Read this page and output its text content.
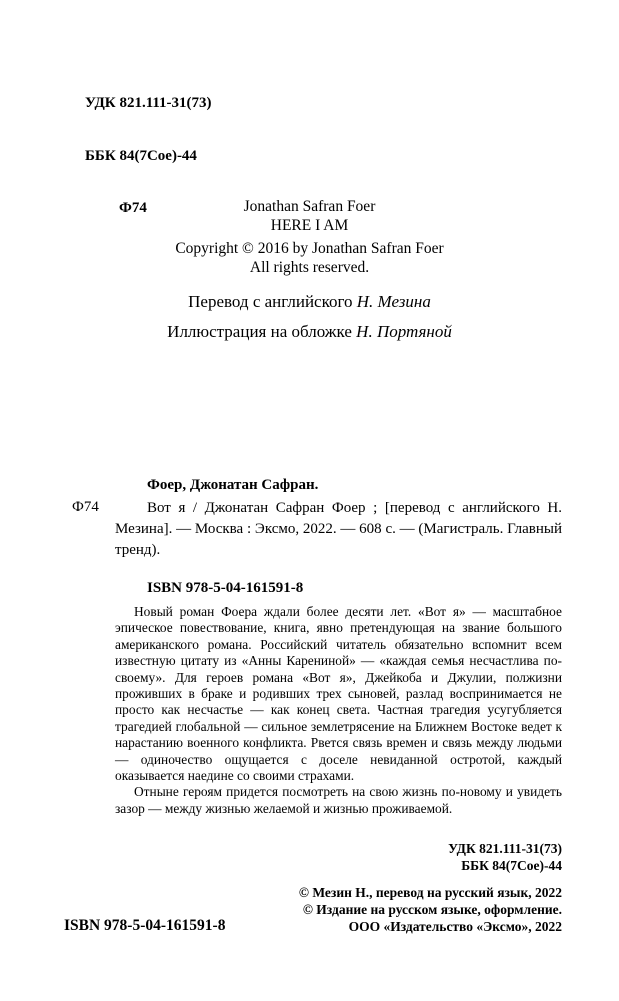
УДК 821.111-31(73)

ББК 84(7Сое)-44

Ф74

	Jonathan Safran Foer
HERE I AM
Copyright © 2016 by Jonathan Safran Foer
All rights reserved.
Перевод с английского Н. Мезина
Иллюстрация на обложке Н. Портяной
Фоер, Джонатан Сафран.
Ф74	Вот я / Джонатан Сафран Фоер ; [перевод с английского Н. Мезина]. — Москва : Эксмо, 2022. — 608 с. — (Магистраль. Главный тренд).
ISBN 978-5-04-161591-8

Новый роман Фоера ждали более десяти лет. «Вот я» — масштабное эпическое повествование, книга, явно претендующая на звание большого американского романа. Российский читатель обязательно вспомнит всем известную цитату из «Анны Карениной» — «каждая семья несчастлива по-своему». Для героев романа «Вот я», Джейкоба и Джулии, полжизни проживших в браке и родивших трех сыновей, разлад воспринимается не просто как несчастье — как конец света. Частная трагедия усугубляется трагедией глобальной — сильное землетрясение на Ближнем Востоке ведет к нарастанию военного конфликта. Рвется связь времен и связь между людьми — одиночество ощущается с доселе невиданной остротой, каждый оказывается наедине со своими страхами.

Отныне героям придется посмотреть на свою жизнь по-новому и увидеть зазор — между жизнью желаемой и жизнью проживаемой.

УДК 821.111-31(73)
ББК 84(7Сое)-44
© Мезин Н., перевод на русский язык, 2022
© Издание на русском языке, оформление.
ООО «Издательство «Эксмо», 2022
ISBN 978-5-04-161591-8
